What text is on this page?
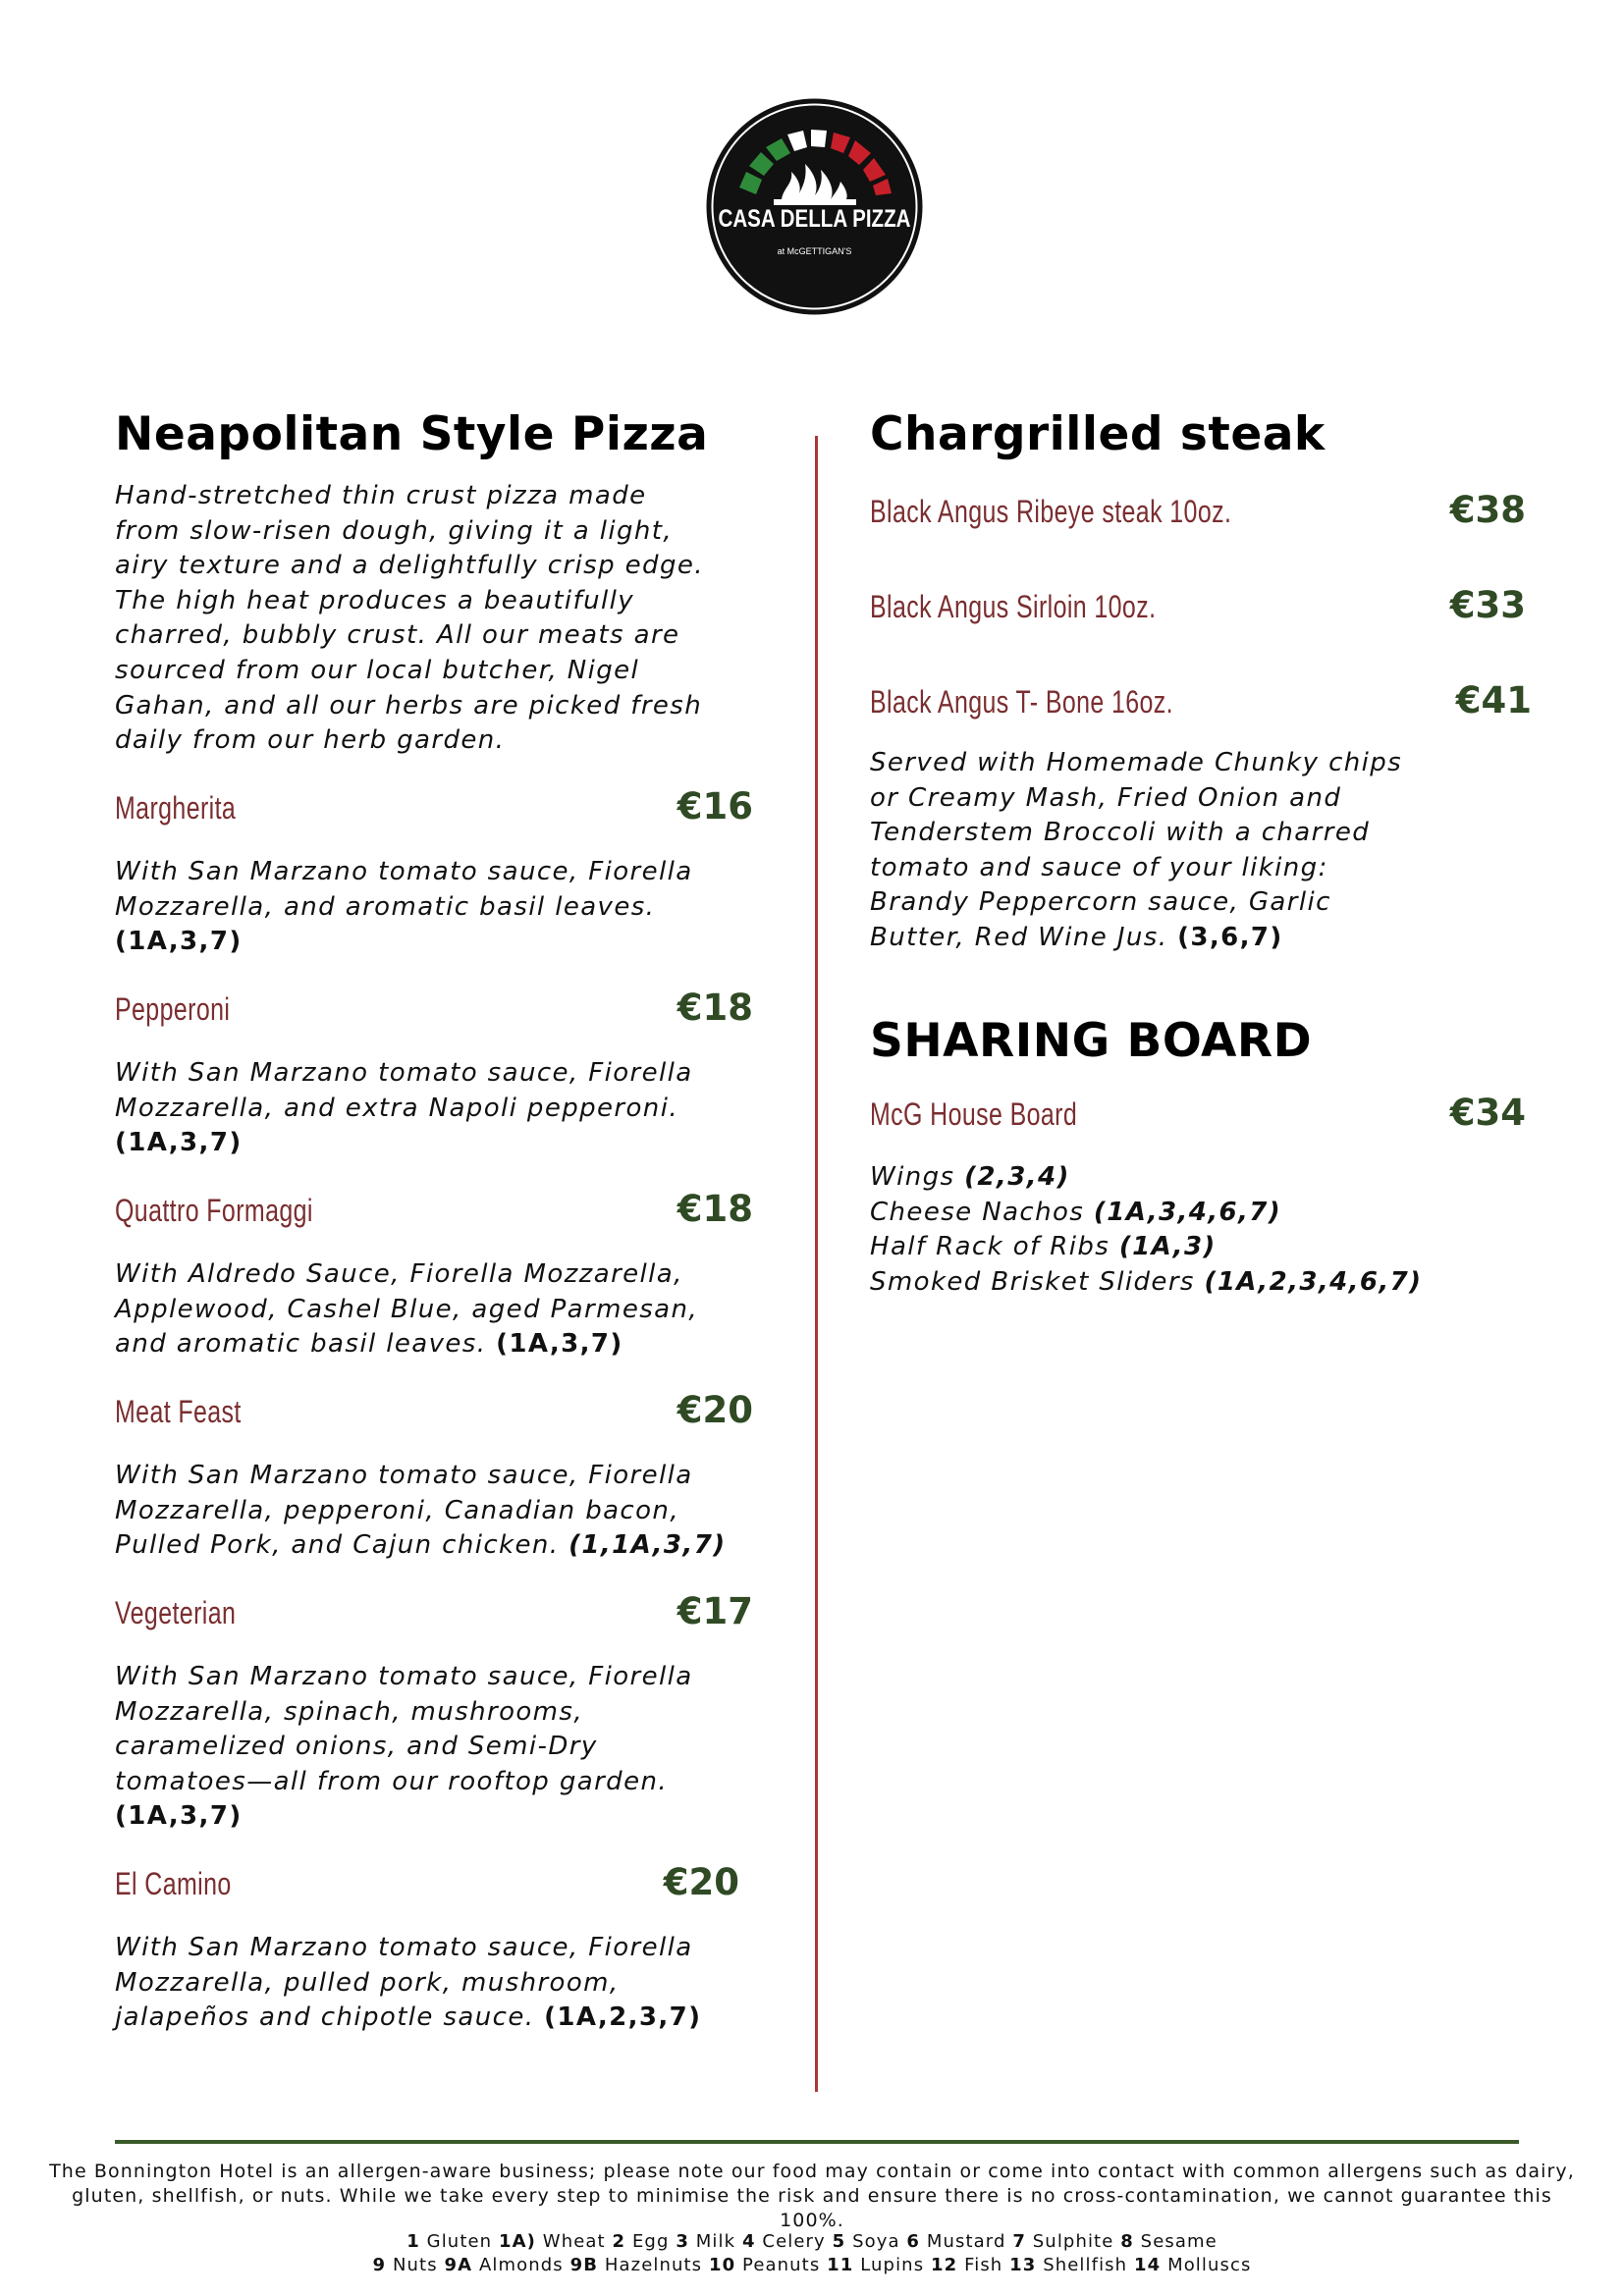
CASA DELLA PIZZA
at McGETTIGAN'S
Neapolitan Style Pizza

Hand-stretched thin crust pizza made
from slow-risen dough, giving it a light,
airy texture and a delightfully crisp edge.
The high heat produces a beautifully
charred, bubbly crust. All our meats are
sourced from our local butcher, Nigel
Gahan, and all our herbs are picked fresh
daily from our herb garden.

Margherita	€16

With San Marzano tomato sauce, Fiorella
Mozzarella, and aromatic basil leaves.
(1A,3,7)

Pepperoni	€18

With San Marzano tomato sauce, Fiorella
Mozzarella, and extra Napoli pepperoni.
(1A,3,7)

Quattro Formaggi	€18

With Aldredo Sauce, Fiorella Mozzarella,
Applewood, Cashel Blue, aged Parmesan,
and aromatic basil leaves. (1A,3,7)

Meat Feast	€20

With San Marzano tomato sauce, Fiorella
Mozzarella, pepperoni, Canadian bacon,
Pulled Pork, and Cajun chicken. (1,1A,3,7)

Vegeterian	€17

With San Marzano tomato sauce, Fiorella
Mozzarella, spinach, mushrooms,
caramelized onions, and Semi-Dry
tomatoes—all from our rooftop garden.
(1A,3,7)

El Camino	€20

With San Marzano tomato sauce, Fiorella
Mozzarella, pulled pork, mushroom,
jalapeños and chipotle sauce. (1A,2,3,7)

Chargrilled steak
Black Angus Ribeye steak 10oz.	€38
Black Angus Sirloin 10oz.	€33
Black Angus T- Bone 16oz.	€41

Served with Homemade Chunky chips
or Creamy Mash, Fried Onion and
Tenderstem Broccoli with a charred
tomato and sauce of your liking:
Brandy Peppercorn sauce, Garlic
Butter, Red Wine Jus. (3,6,7)

SHARING BOARD
McG House Board	€34
Wings (2,3,4)
Cheese Nachos (1A,3,4,6,7)
Half Rack of Ribs (1A,3)
Smoked Brisket Sliders (1A,2,3,4,6,7)
The Bonnington Hotel is an allergen-aware business; please note our food may contain or come into contact with common allergens such as dairy,
gluten, shellfish, or nuts. While we take every step to minimise the risk and ensure there is no cross-contamination, we cannot guarantee this 100%.
1 Gluten 1A) Wheat 2 Egg 3 Milk 4 Celery 5 Soya 6 Mustard 7 Sulphite 8 Sesame
9 Nuts 9A Almonds 9B Hazelnuts 10 Peanuts 11 Lupins 12 Fish 13 Shellfish 14 Molluscs
